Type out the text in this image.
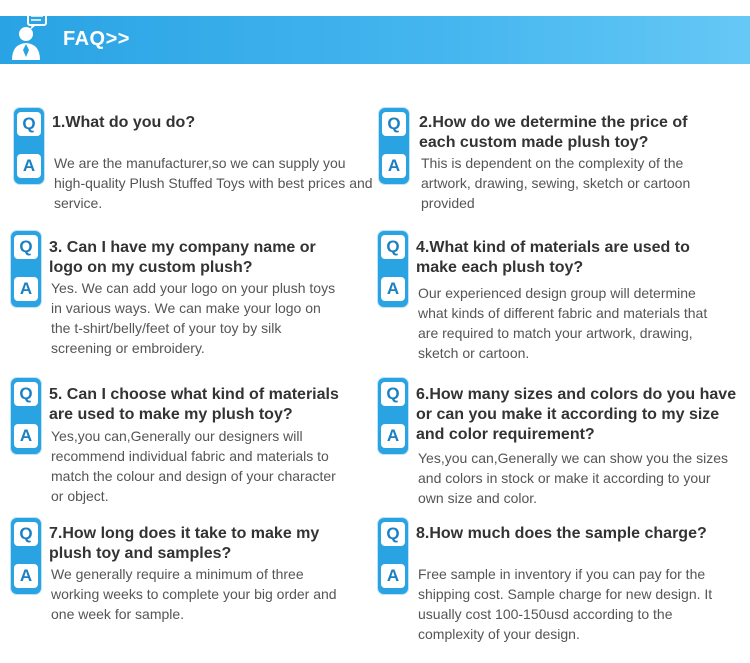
FAQ>>
Q
A
1.What do you do?
We are the manufacturer,so we can supply you high-quality Plush Stuffed Toys with best prices and service.
Q
A
2.How do we determine the price of each custom made plush toy?
This is dependent on the complexity of the artwork, drawing, sewing, sketch or cartoon provided
Q
A
3. Can I have my company name or logo on my custom plush?
Yes. We can add your logo on your plush toys in various ways. We can make your logo on the t-shirt/belly/feet of your toy by silk screening or embroidery.
Q
A
4.What kind of materials are used to make each plush toy?
Our experienced design group will determine what kinds of different fabric and materials that are required to match your artwork, drawing, sketch or cartoon.
Q
A
5. Can I choose what kind of materials are used to make my plush toy?
Yes,you can,Generally our designers will recommend individual fabric and materials to match the colour and design of your character or object.
Q
A
6.How many sizes and colors do you have or can you make it according to my size and color requirement?
Yes,you can,Generally we can show you the sizes and colors in stock or make it according to your own size and color.
Q
A
7.How long does it take to make my plush toy and samples?
We generally require a minimum of three working weeks to complete your big order and one week for sample.
Q
A
8.How much does the sample charge?
Free sample in inventory if you can pay for the shipping cost. Sample charge for new design. It usually cost 100-150usd according to the complexity of your design.
